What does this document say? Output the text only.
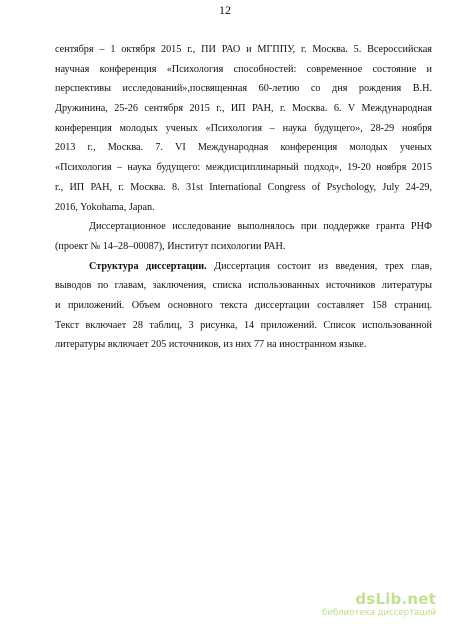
12
сентября – 1 октября 2015 г., ПИ РАО и МГППУ, г. Москва. 5. Всероссийская
научная конференция «Психология способностей: современное состояние и
перспективы исследований»,посвященная 60-летию со дня рождения В.Н.
Дружинина, 25-26 сентября 2015 г., ИП РАН, г. Москва. 6. V Международная
конференция молодых ученых «Психология – наука будущего», 28-29 ноября
2013 г., Москва. 7. VI Международная конференция молодых ученых
«Психология – наука будущего: междисциплинарный подход», 19-20 ноября 2015
г., ИП РАН, г. Москва. 8. 31st International Congress of Psychology, July 24-29,
2016, Yokohama, Japan.
Диссертационное исследование выполнялось при поддержке гранта РНФ
(проект № 14–28–00087), Институт психологии РАН.
Структура диссертации. Диссертация состоит из введения, трех глав,
выводов по главам, заключения, списка использованных источников литературы
и приложений. Объем основного текста диссертации составляет 158 страниц.
Текст включает 28 таблиц, 3 рисунка, 14 приложений. Список использованной
литературы включает 205 источников, из них 77 на иностранном языке.
dsLib.net
библиотека диссертаций
